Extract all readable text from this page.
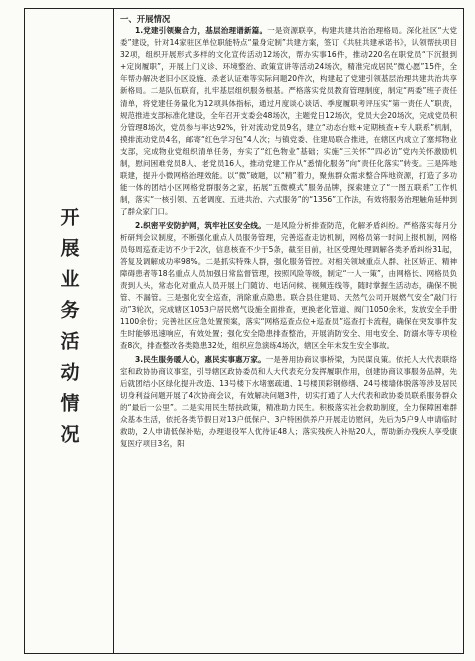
开展业务活动情况
一、开展情况

1.党建引领聚合力，基层治理谱新篇。一是资源联享，构建共建共治治理格局。深化社区“大党委”建设，针对14家驻区单位职能特点“量身定制”共建方案，签订《共驻共建承诺书》，认领帮扶项目32项，组织开展形式多样的文化宣传活动12场次，帮办实事16件，推动220名在职党员“下沉报到+定岗履职”，开展上门义诊、环境整治、政策宣讲等活动24场次，精准完成居民“微心愿”15件，全年帮办解决老旧小区设施、杀老认证难等实际问题20件次，构建起了党建引领基层治理共建共治共享新格局。二是队伍联育，扎牢基层组织服务根基。严格落实党员教育管理制度，制定“两委”班子责任清单，将党建任务量化为12项具体指标，通过月度谈心谈话、季度履职考评压实“第一责任人”职责，规范推进支部标准化建设，全年召开支委会48场次，主题党日12场次，党员大会20场次，完成党员积分管理8场次，党员参与率达92%，针对流动党员9名，建立“动态台账+定期核查+专人联系”机制，摸排流动党员4名，邮寄“红色学习包”4人次；与镇党委、住建局联合推进，在辖区内成立了塞邦物业支部，完成物业党组织清单任务，夯实了“红色物业”基础；实施“三关怀”“四必访”党内关怀激励机制，慰问困难党员8人、老党员16人，推动党建工作从“悉情化服务”向“责任化落实”转变。三是阵地联建，提升小微网格治理效能。以“微”破题，以“精”着力，聚焦群众需求整合阵地资源，打造了多功能一体的团结小区网格党群服务之家，拓展“五微模式”服务品牌，探索建立了“一图五联系”工作机制，落实“一核引领、五老调度、五进共治、六式服务”的“1356”工作法，有效将服务治理触角延伸到了群众家门口。

2.织密平安防护网，筑牢社区安全线。一是风险分析排查防范，化解矛盾纠纷。严格落实每月分析研判会议制度，不断强化重点人员服务管理，完善巡查走访机制，网格员第一时间上报机制，网格员每周巡查走访不少于2次，信息核查不少于5条，截至目前，社区受理处理调解各类矛盾纠纷31起，答复及调解成功率98%。二是抓实特殊人群，强化服务管控。对相关领域重点人群、社区矫正、精神障碍患者等18名重点人员加强日常监督管理，按照风险等级，制定“一人一策”，由网格长、网格员负责到人头，常态化对重点人员开展上门随访、电话问候、视频连线等，随时掌握生活动态，确保不脱管、不漏管。三是强化安全巡查，消除重点隐患。联合县住建局、天然气公司开展燃气安全“敲门行动”3轮次，完成辖区1053户居民燃气设施全面排查，更换老化管道、阀门1050余米，发放安全手册1100余份；完善社区应急处置预案，落实“网格巡查点位+巡查员”巡查打卡流程，确保在突发事件发生时能够迅速响应，有效处置；强化安全隐患排查整治，开展消防安全、用电安全、防溺水等专项检查8次，排查整改各类隐患32处，组织应急演练4场次，辖区全年未发生安全事故。

3.民生服务暖人心，惠民实事惠万家。一是善用协商议事桥梁，为民谋良策。依托人大代表联络室和政协协商议事室，引导辖区政协委员和人大代表充分发挥履职作用，创建协商议事服务品牌，先后就团结小区绿化提升改造、13号楼下水堵塞疏通、1号楼顶彩钢修缮、24号楼墙体脱落等涉及居民切身利益问题开展了4次协商会议，有效解决问题3件，切实打通了人大代表和政协委员联系服务群众的“最后一公里”。二是实用民生帮扶政策，精准助力民生。积极落实社会救助制度，全力保障困难群众基本生活，依托各类节假日对13户低保户、3户特困供养户开展走访慰问，先后为5户9人申请临时救助，2人申请低保补贴，办理退役军人优待证48人；落实残疾人补贴20人，帮助新办残疾人享受康复医疗项目3名，阳
